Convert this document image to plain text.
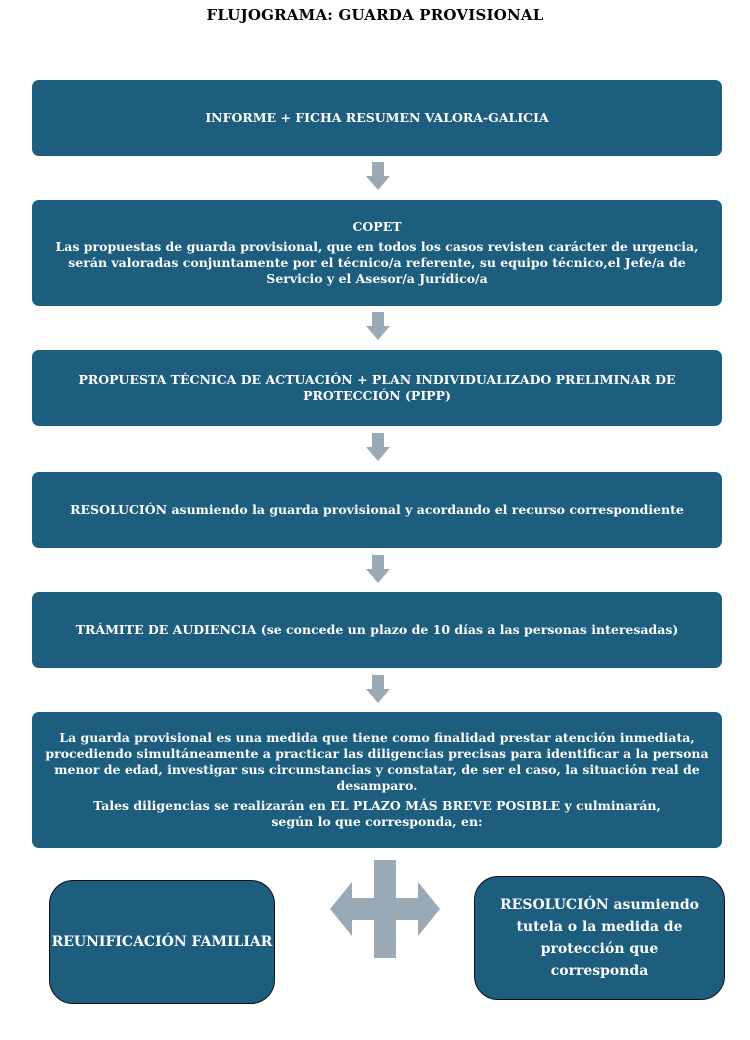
FLUJOGRAMA: GUARDA PROVISIONAL

INFORME + FICHA RESUMEN VALORA-GALICIA

COPET

Las propuestas de guarda provisional, que en todos los casos revisten carácter de urgencia, serán valoradas conjuntamente por el técnico/a referente, su equipo técnico,el Jefe/a de Servicio y el Asesor/a Jurídico/a

PROPUESTA TÉCNICA DE ACTUACIÓN + PLAN INDIVIDUALIZADO PRELIMINAR DE PROTECCIÓN (PIPP)

RESOLUCIÓN asumiendo la guarda provisional y acordando el recurso correspondiente

TRÁMITE DE AUDIENCIA (se concede un plazo de 10 días a las personas interesadas)

La guarda provisional es una medida que tiene como finalidad prestar atención inmediata, procediendo simultáneamente a practicar las diligencias precisas para identificar a la persona menor de edad, investigar sus circunstancias y constatar, de ser el caso, la situación real de desamparo.

Tales diligencias se realizarán en EL PLAZO MÁS BREVE POSIBLE y culminarán, según lo que corresponda, en:

REUNIFICACIÓN FAMILIAR
RESOLUCIÓN asumiendo tutela o la medida de protección que corresponda
